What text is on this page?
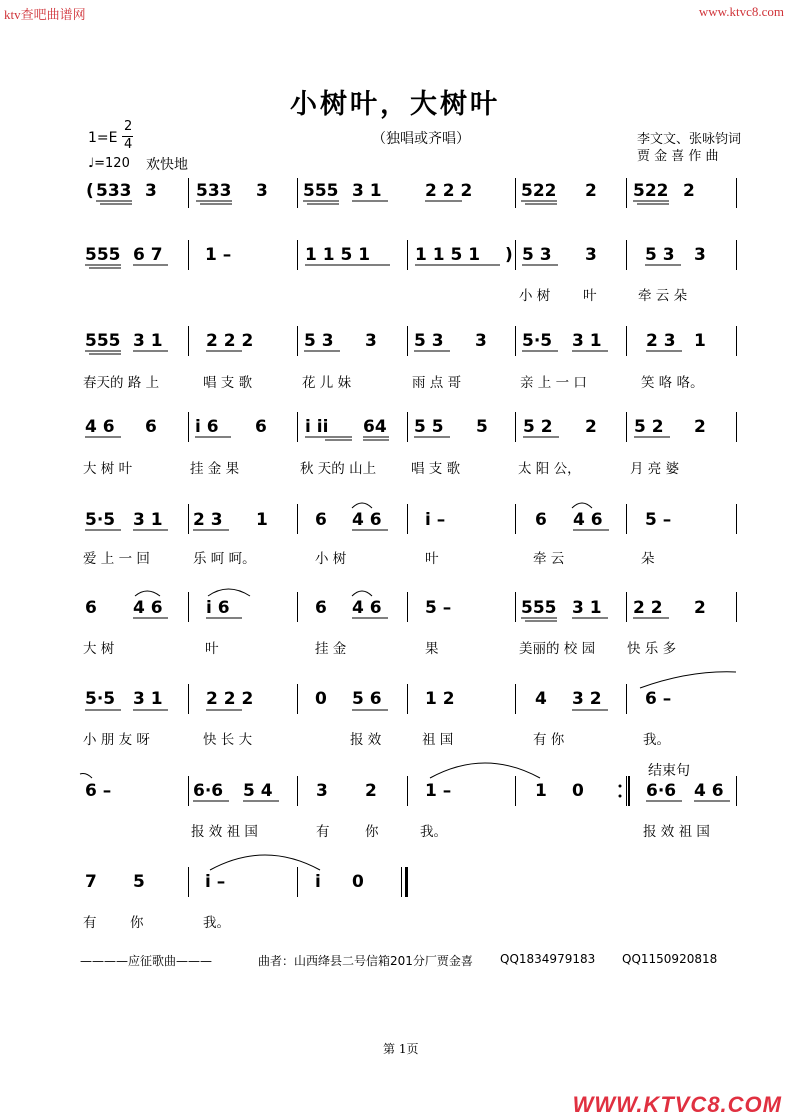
ktv查吧曲谱网	www.ktvc8.com
小树叶，大树叶
1=E
2
4
♩=120 欢快地
（独唱或齐唱）	李文文、张咏钧词
贾 金 喜 作 曲
( 533 3 533 3 555 3 1	2 2 2	522 2 522 2
555 6 7 1 –	1 1 5 1	1 1 5 1 ) 5 3 3	5 3 3
小 树 叶	牵 云 朵
555 3 1	2 2 2	5 3 3 5 3 3 5·5 3 1	2 3 1
春天的 路 上	唱 支 歌	花 儿 妹	雨 点 哥	亲 上 一 口	笑 咯 咯。
4 6 6 i 6 6 i ii 64 5 5 5 5 2 2 5 2 2
大 树 叶	挂 金 果	秋 天的 山上	唱 支 歌	太 阳 公，	月 亮 婆
5·5 3 1 2 3 1	6 4 6	i –	6 4 6 5 –
爱 上 一 回	乐 呵 呵。	小 树	叶	牵 云	朵
6 4 6	i 6	6 4 6	5 –	555 3 1 2 2 2
大 树	叶	挂 金	果	美丽的 校 园 快 乐 多
5·5 3 1	2 2 2	0 5 6	1 2	4 3 2	6 –
小 朋 友 呀	快 长 大	报 效	祖 国	有 你	我。
结束句
6 –	6·6 5 4	3 2	1 –	1 0	6·6 4 6
报 效 祖 国	有	你	我。	报 效 祖 国
7 5	i –	i 0
有 你	我。
————应征歌曲———	曲者：山西绛县二号信箱201分厂贾金喜 QQ1834979183 QQ1150920818
第 1页
WWW.KTVC8.COM
